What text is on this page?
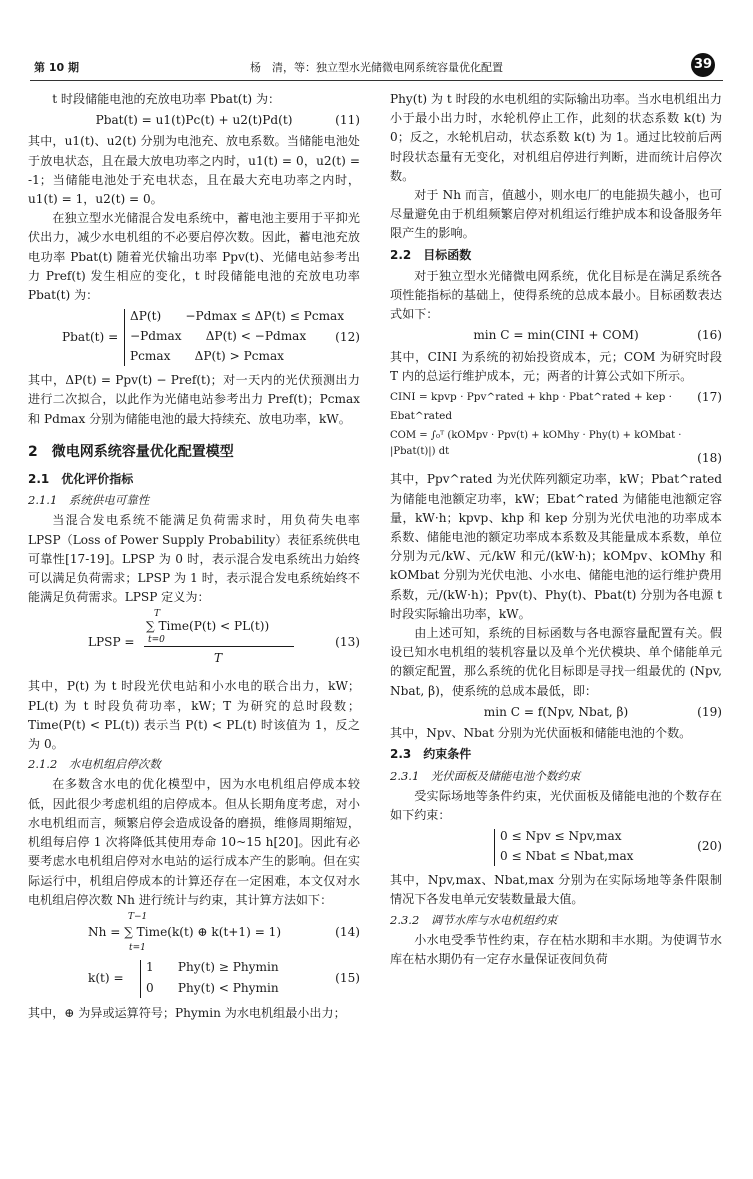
第 10 期	杨　清，等：独立型水光储微电网系统容量优化配置	39

t 时段储能电池的充放电功率 Pbat(t) 为：

Pbat(t) = u1(t)Pc(t) + u2(t)Pd(t)	(11)

其中，u1(t)、u2(t) 分别为电池充、放电系数。当储能电池处于放电状态，且在最大放电功率之内时，u1(t) = 0，u2(t) = -1；当储能电池处于充电状态，且在最大充电功率之内时，u1(t) = 1，u2(t) = 0。

在独立型水光储混合发电系统中，蓄电池主要用于平抑光伏出力，减少水电机组的不必要启停次数。因此，蓄电池充放电功率 Pbat(t) 随着光伏输出功率 Ppv(t)、光储电站参考出力 Pref(t) 发生相应的变化，t 时段储能电池的充放电功率 Pbat(t) 为：

Pbat(t) =
ΔP(t)　　−Pdmax ≤ ΔP(t) ≤ Pcmax
−Pdmax　　ΔP(t) < −Pdmax
Pcmax　　ΔP(t) > Pcmax
(12)

其中，ΔP(t) = Ppv(t) − Pref(t)；对一天内的光伏预测出力进行二次拟合，以此作为光储电站参考出力 Pref(t)；Pcmax 和 Pdmax 分别为储能电池的最大持续充、放电功率，kW。

2　微电网系统容量优化配置模型
2.1　优化评价指标
2.1.1　系统供电可靠性

当混合发电系统不能满足负荷需求时，用负荷失电率 LPSP（Loss of Power Supply Probability）表征系统供电可靠性[17-19]。LPSP 为 0 时，表示混合发电系统出力始终可以满足负荷需求；LPSP 为 1 时，表示混合发电系统始终不能满足负荷需求。LPSP 定义为：

LPSP =
T
∑ Time(P(t) < PL(t))
t=0
T
(13)

其中，P(t) 为 t 时段光伏电站和小水电的联合出力，kW；PL(t) 为 t 时段负荷功率，kW；T 为研究的总时段数；Time(P(t) < PL(t)) 表示当 P(t) < PL(t) 时该值为 1，反之为 0。

2.1.2　水电机组启停次数

在多数含水电的优化模型中，因为水电机组启停成本较低，因此很少考虑机组的启停成本。但从长期角度考虑，对小水电机组而言，频繁启停会造成设备的磨损，维修周期缩短，机组每启停 1 次将降低其使用寿命 10~15 h[20]。因此有必要考虑水电机组启停对水电站的运行成本产生的影响。但在实际运行中，机组启停成本的计算还存在一定困难，本文仅对水电机组启停次数 Nh 进行统计与约束，其计算方法如下：

T−1
Nh = ∑ Time(k(t) ⊕ k(t+1) = 1)
t=1
(14)
k(t) =
1　　Phy(t) ≥ Phymin
0　　Phy(t) < Phymin
(15)

其中，⊕ 为异或运算符号；Phymin 为水电机组最小出力；

Phy(t) 为 t 时段的水电机组的实际输出功率。当水电机组出力小于最小出力时，水轮机停止工作，此刻的状态系数 k(t) 为 0；反之，水轮机启动，状态系数 k(t) 为 1。通过比较前后两时段状态量有无变化，对机组启停进行判断，进而统计启停次数。

对于 Nh 而言，值越小，则水电厂的电能损失越小，也可尽量避免由于机组频繁启停对机组运行维护成本和设备服务年限产生的影响。

2.2　目标函数

对于独立型水光储微电网系统，优化目标是在满足系统各项性能指标的基础上，使得系统的总成本最小。目标函数表达式如下：

min C = min(CINI + COM)	(16)

其中，CINI 为系统的初始投资成本，元；COM 为研究时段 T 内的总运行维护成本，元；两者的计算公式如下所示。

CINI = kpvp · Ppv^rated + khp · Pbat^rated + kep · Ebat^rated
(17)
COM = ∫₀ᵀ (kOMpv · Ppv(t) + kOMhy · Phy(t) + kOMbat · |Pbat(t)|) dt	(18)

其中，Ppv^rated 为光伏阵列额定功率，kW；Pbat^rated 为储能电池额定功率，kW；Ebat^rated 为储能电池额定容量，kW·h；kpvp、khp 和 kep 分别为光伏电池的功率成本系数、储能电池的额定功率成本系数及其能量成本系数，单位分别为元/kW、元/kW 和元/(kW·h)；kOMpv、kOMhy 和 kOMbat 分别为光伏电池、小水电、储能电池的运行维护费用系数，元/(kW·h)；Ppv(t)、Phy(t)、Pbat(t) 分别为各电源 t 时段实际输出功率，kW。

由上述可知，系统的目标函数与各电源容量配置有关。假设已知水电机组的装机容量以及单个光伏模块、单个储能单元的额定配置，那么系统的优化目标即是寻找一组最优的 (Npv, Nbat, β)，使系统的总成本最低，即：

min C = f(Npv, Nbat, β)	(19)

其中，Npv、Nbat 分别为光伏面板和储能电池的个数。

2.3　约束条件
2.3.1　光伏面板及储能电池个数约束

受实际场地等条件约束，光伏面板及储能电池的个数存在如下约束：

0 ≤ Npv ≤ Npv,max
0 ≤ Nbat ≤ Nbat,max
(20)

其中，Npv,max、Nbat,max 分别为在实际场地等条件限制情况下各发电单元安装数量最大值。

2.3.2　调节水库与水电机组约束

小水电受季节性约束，存在枯水期和丰水期。为使调节水库在枯水期仍有一定存水量保证夜间负荷
